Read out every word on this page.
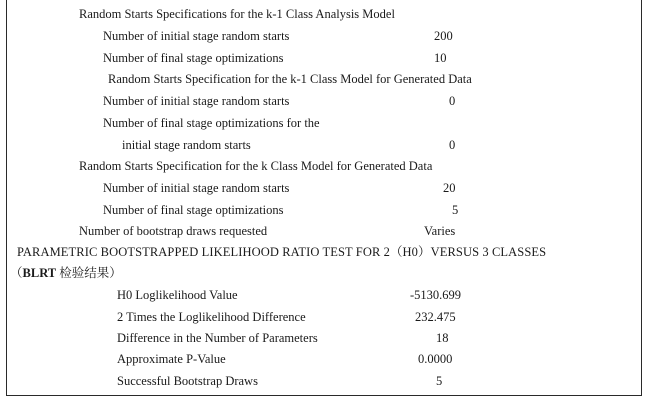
Random Starts Specifications for the k-1 Class Analysis Model
Number of initial stage random starts	200
Number of final stage optimizations	10
Random Starts Specification for the k-1 Class Model for Generated Data
Number of initial stage random starts	0
Number of final stage optimizations for the
initial stage random starts	0
Random Starts Specification for the k Class Model for Generated Data
Number of initial stage random starts	20
Number of final stage optimizations	5
Number of bootstrap draws requested	Varies
PARAMETRIC BOOTSTRAPPED LIKELIHOOD RATIO TEST FOR 2（H0）VERSUS 3 CLASSES
（BLRT 检验结果）
H0 Loglikelihood Value	-5130.699
2 Times the Loglikelihood Difference	232.475
Difference in the Number of Parameters	18
Approximate P-Value	0.0000
Successful Bootstrap Draws	5
